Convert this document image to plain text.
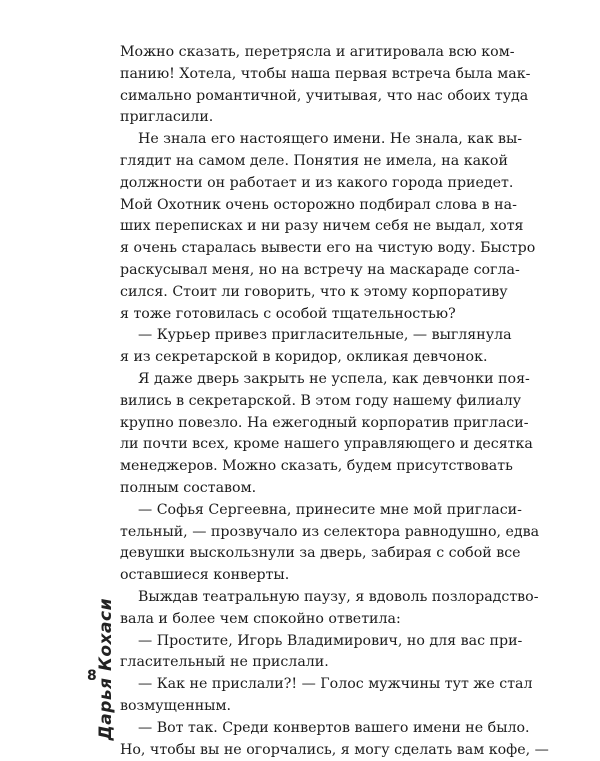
Можно сказать, перетрясла и агитировала всю ком-
панию! Хотела, чтобы наша первая встреча была мак-
симально романтичной, учитывая, что нас обоих туда
пригласили.
Не знала его настоящего имени. Не знала, как вы-
глядит на самом деле. Понятия не имела, на какой
должности он работает и из какого города приедет.
Мой Охотник очень осторожно подбирал слова в на-
ших переписках и ни разу ничем себя не выдал, хотя
я очень старалась вывести его на чистую воду. Быстро
раскусывал меня, но на встречу на маскараде согла-
сился. Стоит ли говорить, что к этому корпоративу
я тоже готовилась с особой тщательностью?
— Курьер привез пригласительные, — выглянула
я из секретарской в коридор, окликая девчонок.
Я даже дверь закрыть не успела, как девчонки поя-
вились в секретарской. В этом году нашему филиалу
крупно повезло. На ежегодный корпоратив пригласи-
ли почти всех, кроме нашего управляющего и десятка
менеджеров. Можно сказать, будем присутствовать
полным составом.
— Софья Сергеевна, принесите мне мой приглаcи-
тельный, — прозвучало из селектора равнодушно, едва
девушки выскользнули за дверь, забирая с собой все
оставшиеся конверты.
Выждав театральную паузу, я вдоволь позлорадство-
вала и более чем спокойно ответила:
— Простите, Игорь Владимирович, но для вас при-
гласительный не прислали.
— Как не прислали?! — Голос мужчины тут же стал
возмущенным.
— Вот так. Среди конвертов вашего имени не было.
Но, чтобы вы не огорчались, я могу сделать вам кофе, —
Дарья Кохаси
8
